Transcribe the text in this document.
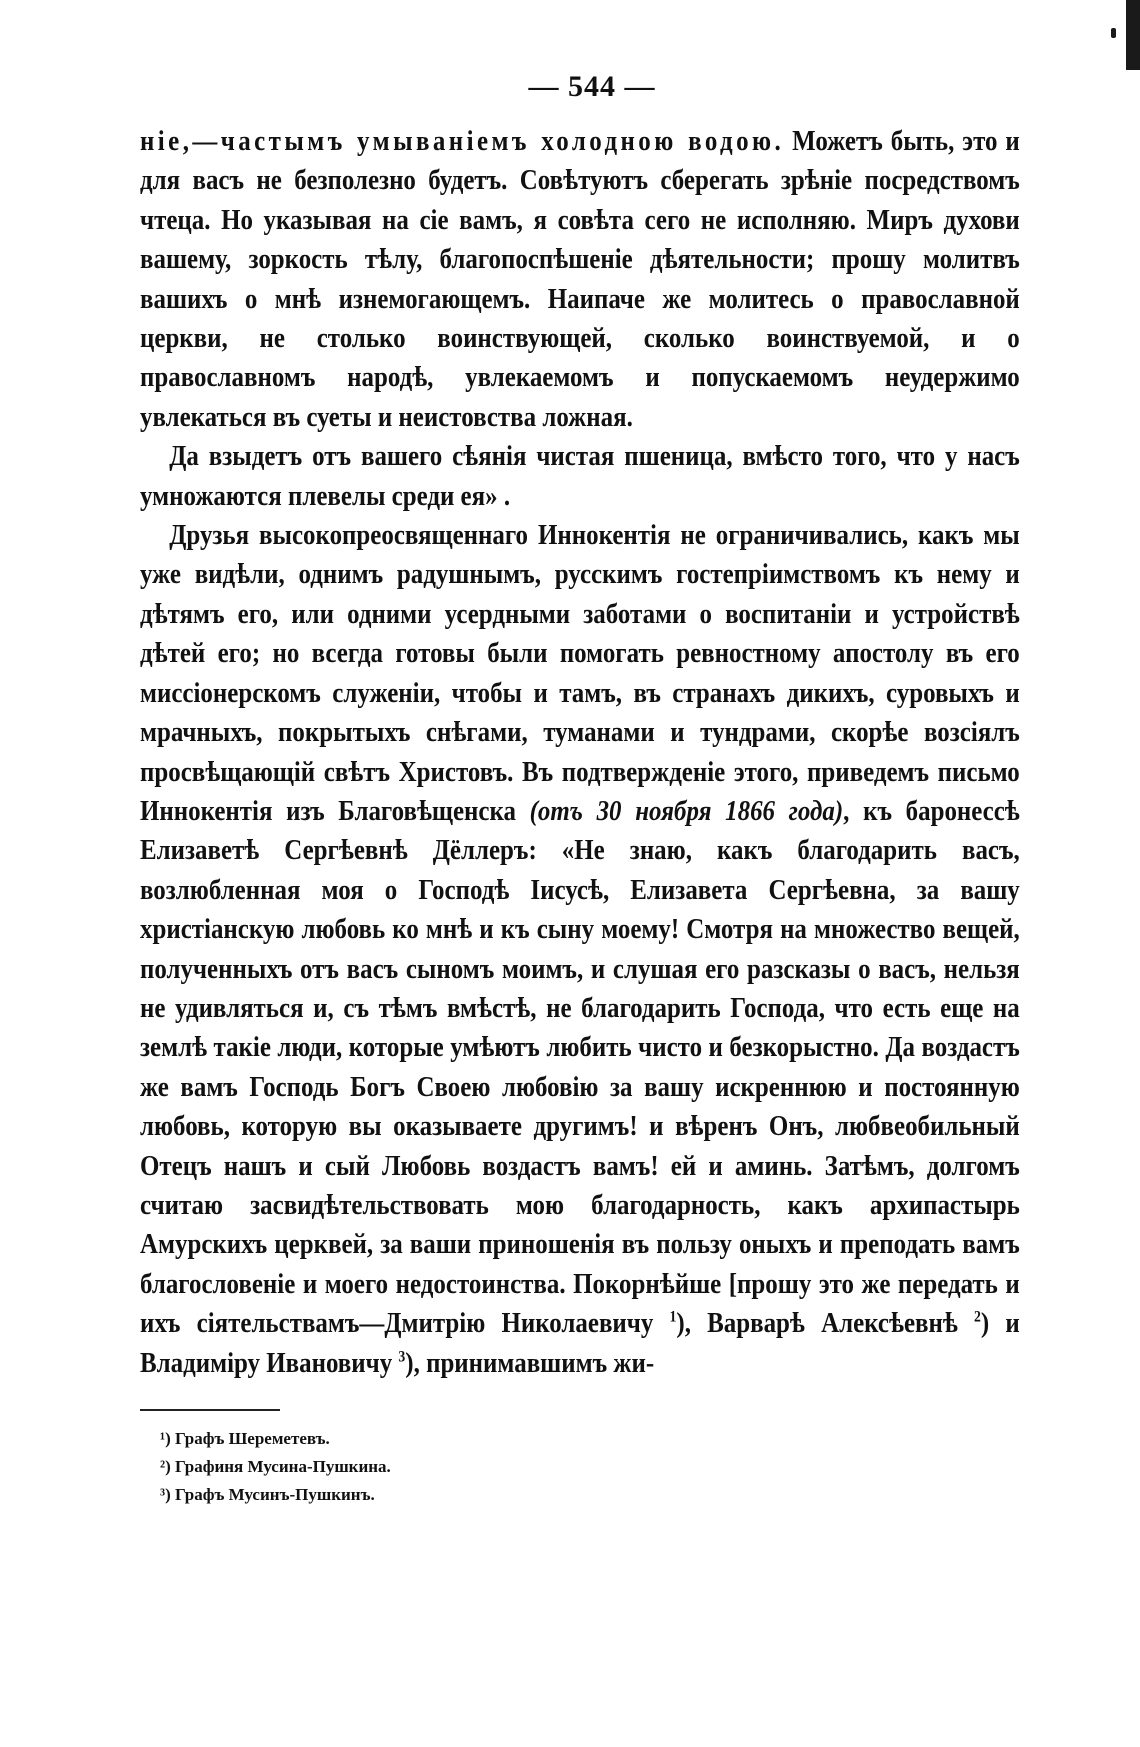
— 544 —

ніе,—частымъ умываніемъ холодною водою. Можетъ быть, это и для васъ не безполезно будетъ. Совѣтуютъ сберегать зрѣніе посредствомъ чтеца. Но указывая на сіе вамъ, я совѣта сего не исполняю. Миръ духови вашему, зоркость тѣлу, благопоспѣшеніе дѣятельности; прошу молитвъ вашихъ о мнѣ изнемогающемъ. Наипаче же молитесь о православной церкви, не столько воинствующей, сколько воинствуемой, и о православномъ народѣ, увлекаемомъ и попускаемомъ неудержимо увлекаться въ суеты и неистовства ложная.

Да взыдетъ отъ вашего сѣянія чистая пшеница, вмѣсто того, что у насъ умножаются плевелы среди ея» .

Друзья высокопреосвященнаго Иннокентія не ограничивались, какъ мы уже видѣли, однимъ радушнымъ, русскимъ гостепріимствомъ къ нему и дѣтямъ его, или одними усердными заботами о воспитаніи и устройствѣ дѣтей его; но всегда готовы были помогать ревностному апостолу въ его миссіонерскомъ служеніи, чтобы и тамъ, въ странахъ дикихъ, суровыхъ и мрачныхъ, покрытыхъ снѣгами, туманами и тундрами, скорѣе возсіялъ просвѣщающій свѣтъ Христовъ. Въ подтвержденіе этого, приведемъ письмо Иннокентія изъ Благовѣщенска (отъ 30 ноября 1866 года), къ баронессѣ Елизаветѣ Сергѣевнѣ Дёллеръ: «Не знаю, какъ благодарить васъ, возлюбленная моя о Господѣ Іисусѣ, Елизавета Сергѣевна, за вашу христіанскую любовь ко мнѣ и къ сыну моему! Смотря на множество вещей, полученныхъ отъ васъ сыномъ моимъ, и слушая его разсказы о васъ, нельзя не удивляться и, съ тѣмъ вмѣстѣ, не благодарить Господа, что есть еще на землѣ такіе люди, которые умѣютъ любить чисто и безкорыстно. Да воздастъ же вамъ Господь Богъ Своею любовію за вашу искреннюю и постоянную любовь, которую вы оказываете другимъ! и вѣренъ Онъ, любвеобильный Отецъ нашъ и сый Любовь воздастъ вамъ! ей и аминь. Затѣмъ, долгомъ считаю засвидѣтельствовать мою благодарность, какъ архипастырь Амурскихъ церквей, за ваши приношенія въ пользу оныхъ и преподать вамъ благословеніе и моего недостоинства. Покорнѣйше [прошу это же передать и ихъ сіятельствамъ—Дмитрію Николаевичу $^1$), Варварѣ Алексѣевнѣ $^2$) и Владиміру Ивановичу $^3$), принимавшимъ жи-

¹) Графъ Шереметевъ.

²) Графиня Мусина-Пушкина.

³) Графъ Мусинъ-Пушкинъ.
